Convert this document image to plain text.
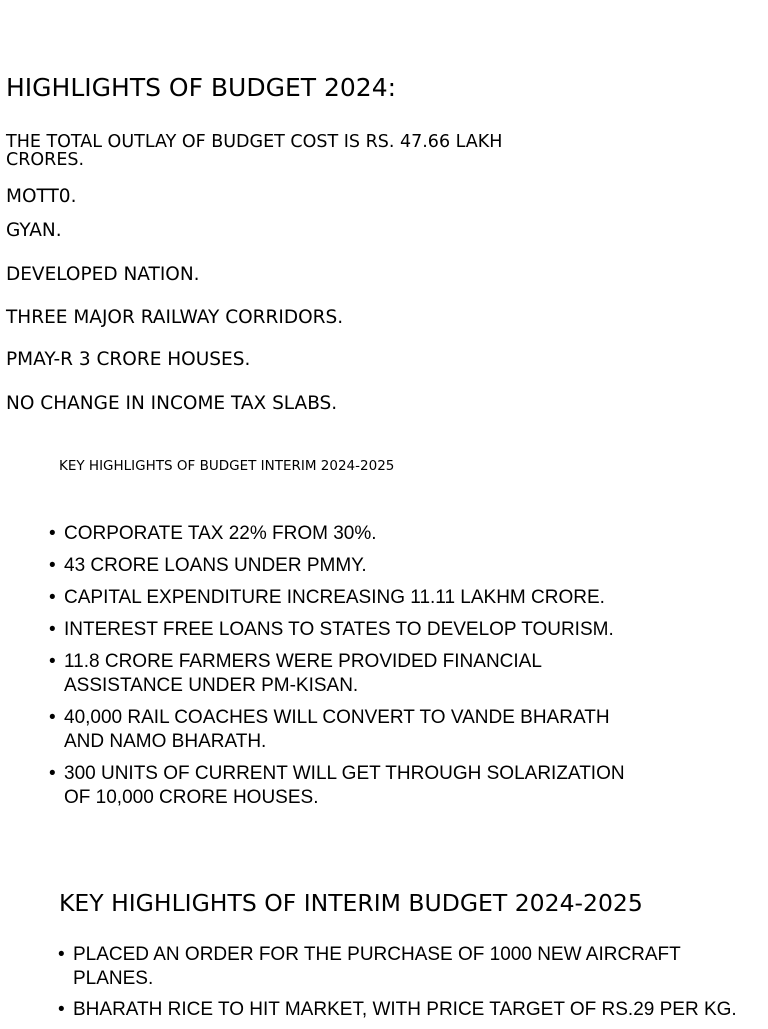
HIGHLIGHTS OF BUDGET 2024:

THE TOTAL OUTLAY OF BUDGET COST IS RS. 47.66 LAKH CRORES.

MOTT0.

GYAN.

DEVELOPED NATION.

THREE MAJOR RAILWAY CORRIDORS.

PMAY-R 3 CRORE HOUSES.

NO CHANGE IN INCOME TAX SLABS.

KEY HIGHLIGHTS OF BUDGET INTERIM 2024-2025
• CORPORATE TAX 22% FROM 30%.
• 43 CRORE LOANS UNDER PMMY.
• CAPITAL EXPENDITURE INCREASING 11.11 LAKHM CRORE.
• INTEREST FREE LOANS TO STATES TO DEVELOP TOURISM.
• 11.8 CRORE FARMERS WERE PROVIDED FINANCIAL ASSISTANCE UNDER PM-KISAN.
• 40,000 RAIL COACHES WILL CONVERT TO VANDE BHARATH AND NAMO BHARATH.
• 300 UNITS OF CURRENT WILL GET THROUGH SOLARIZATION OF 10,000 CRORE HOUSES.
KEY HIGHLIGHTS OF INTERIM BUDGET 2024-2025
• PLACED AN ORDER FOR THE PURCHASE OF 1000 NEW AIRCRAFT PLANES.
• BHARATH RICE TO HIT MARKET, WITH PRICE TARGET OF RS.29 PER KG.
